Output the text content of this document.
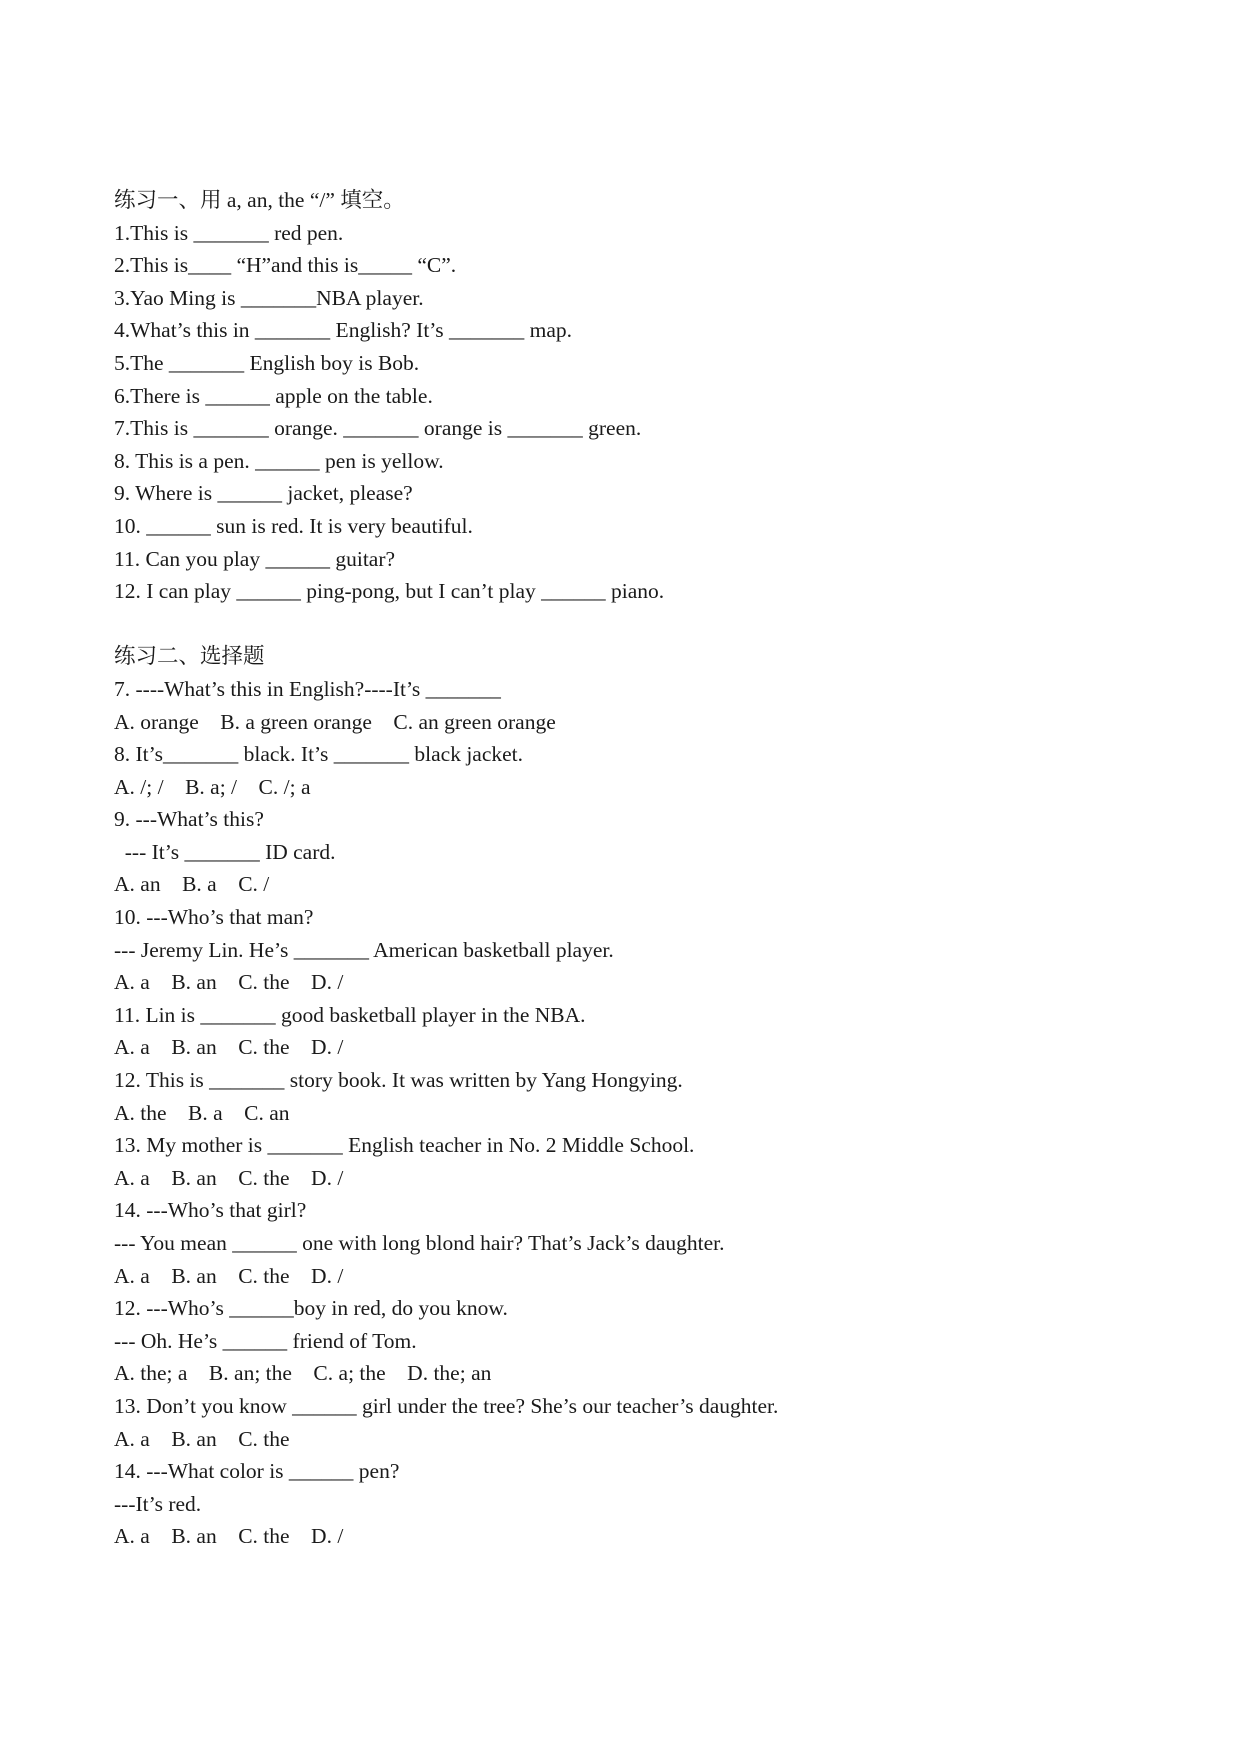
练习一、用 a, an, the “/” 填空。
1.This is _______ red pen.
2.This is____ “H”and this is_____ “C”.
3.Yao Ming is _______NBA player.
4.What’s this in _______ English? It’s _______ map.
5.The _______ English boy is Bob.
6.There is ______ apple on the table.
7.This is _______ orange. _______ orange is _______ green.
8. This is a pen. ______ pen is yellow.
9. Where is ______ jacket, please?
10. ______ sun is red. It is very beautiful.
11. Can you play ______ guitar?
12. I can play ______ ping-pong, but I can’t play ______ piano.
练习二、选择题
7. ----What’s this in English?----It’s _______
A. orange    B. a green orange    C. an green orange
8. It’s_______ black. It’s _______ black jacket.
A. /; /    B. a; /    C. /; a
9. ---What’s this?
--- It’s _______ ID card.
A. an    B. a    C. /
10. ---Who’s that man?
--- Jeremy Lin. He’s _______ American basketball player.
A. a    B. an    C. the    D. /
11. Lin is _______ good basketball player in the NBA.
A. a    B. an    C. the    D. /
12. This is _______ story book. It was written by Yang Hongying.
A. the    B. a    C. an
13. My mother is _______ English teacher in No. 2 Middle School.
A. a    B. an    C. the    D. /
14. ---Who’s that girl?
--- You mean ______ one with long blond hair? That’s Jack’s daughter.
A. a    B. an    C. the    D. /
12. ---Who’s ______boy in red, do you know.
--- Oh. He’s ______ friend of Tom.
A. the; a    B. an; the    C. a; the    D. the; an
13. Don’t you know ______ girl under the tree? She’s our teacher’s daughter.
A. a    B. an    C. the
14. ---What color is ______ pen?
---It’s red.
A. a    B. an    C. the    D. /
